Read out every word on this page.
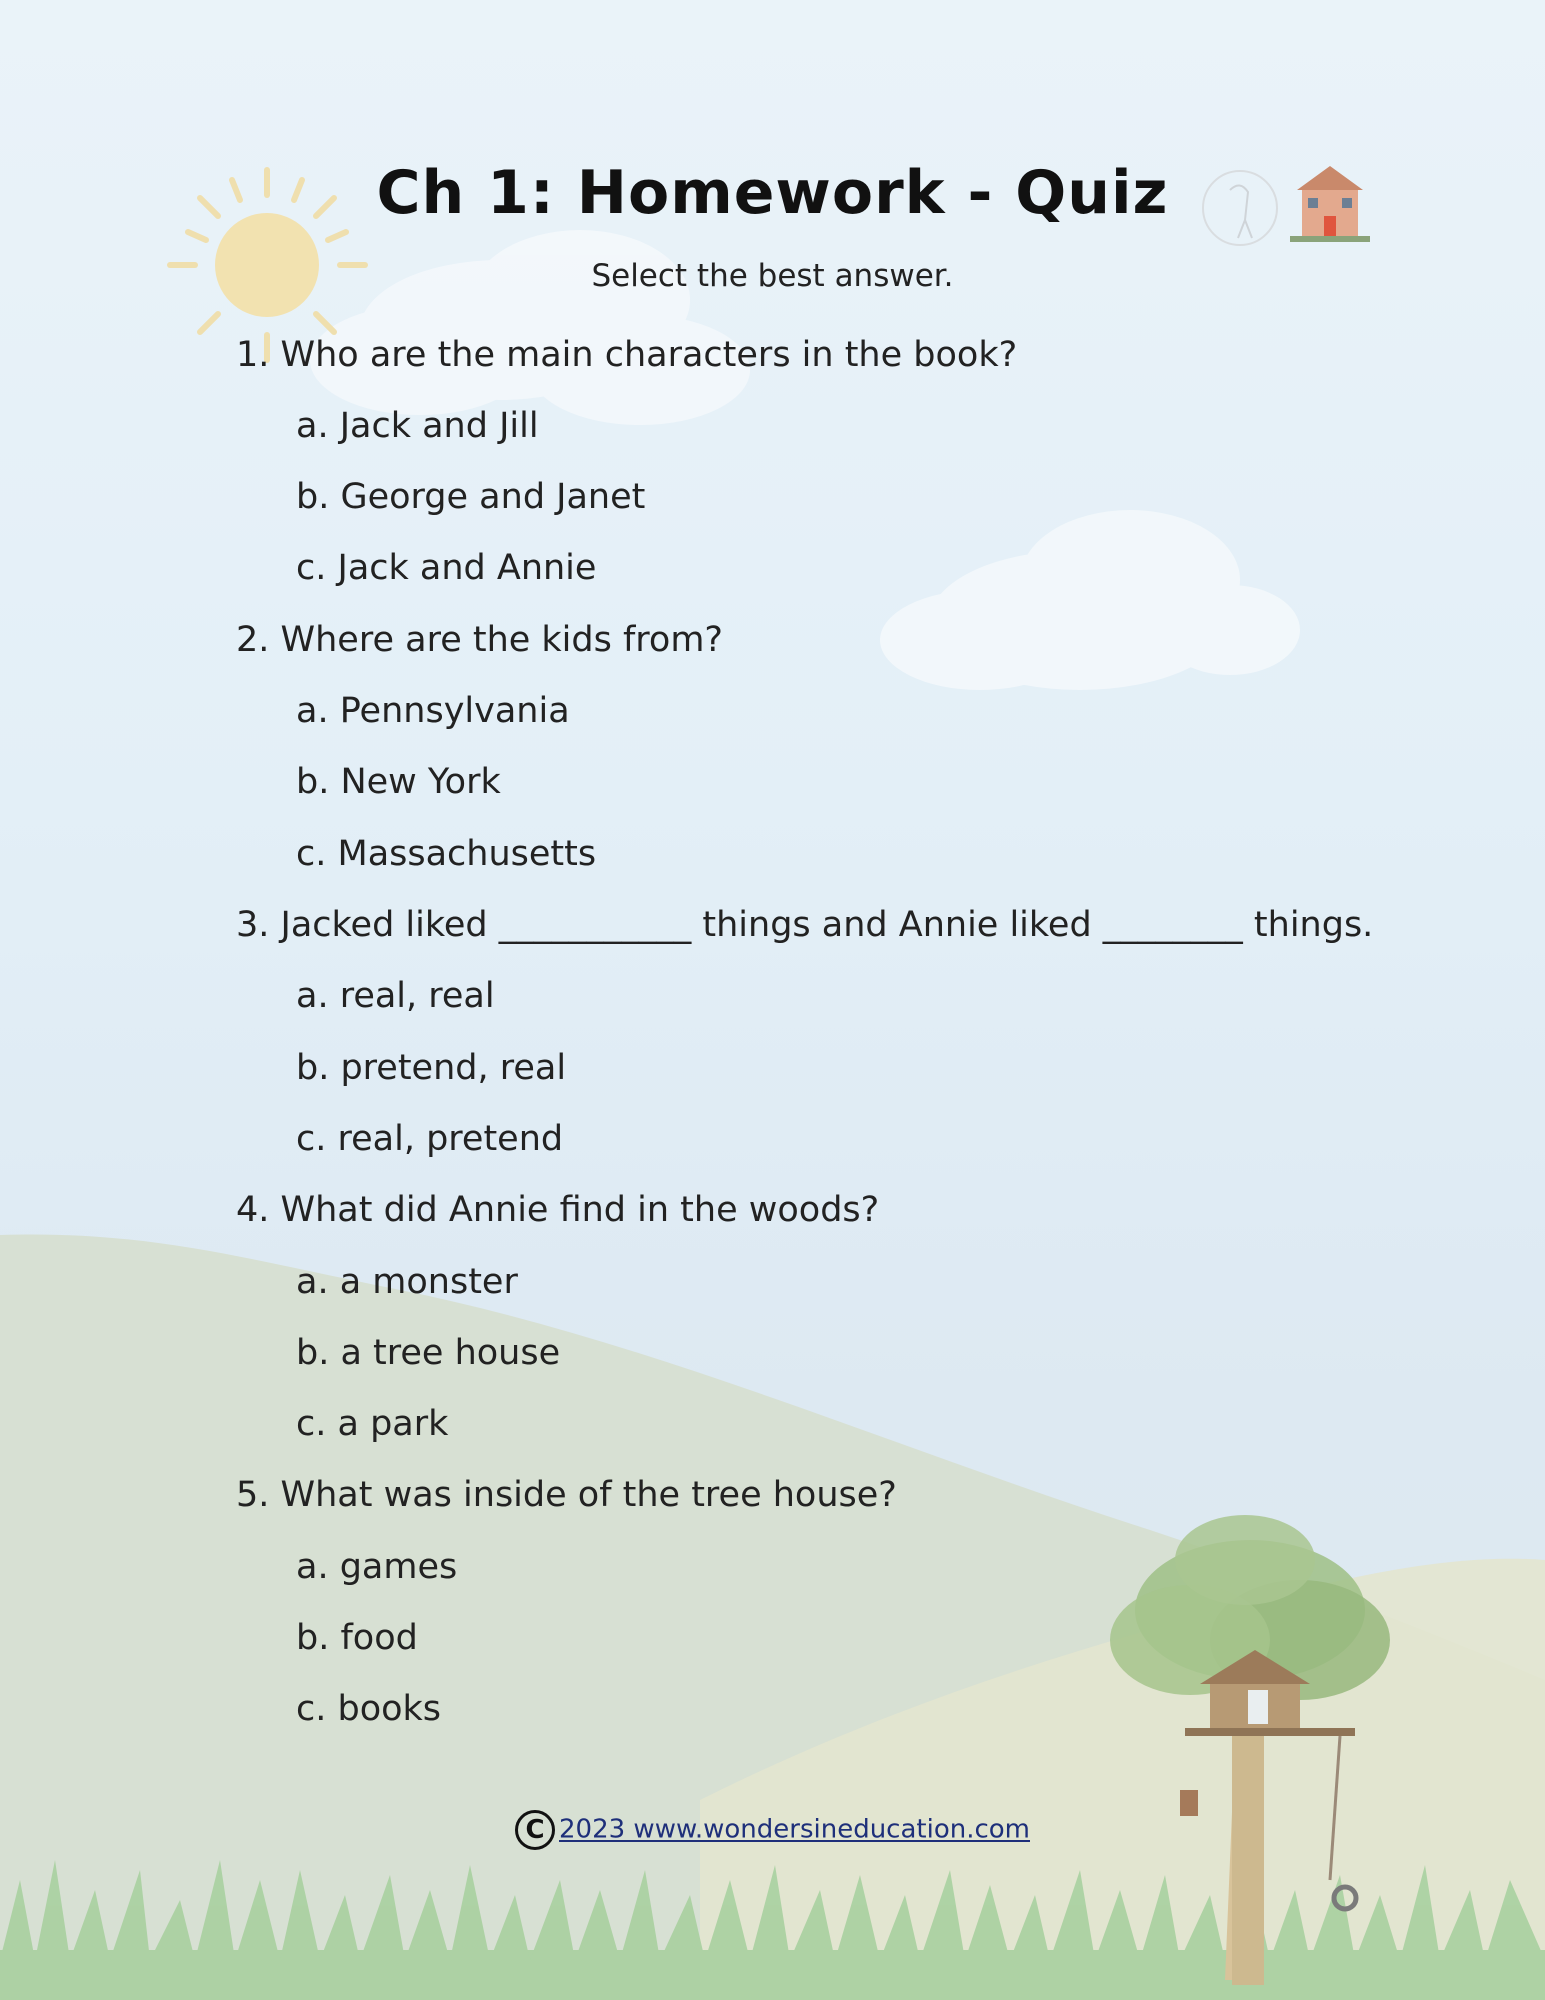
Ch 1: Homework - Quiz
Select the best answer.
1. Who are the main characters in the book?
a. Jack and Jill
b. George and Janet
c. Jack and Annie
2. Where are the kids from?
a. Pennsylvania
b. New York
c. Massachusetts
3. Jacked liked ___________ things and Annie liked ________ things.
a. real, real
b. pretend, real
c. real, pretend
4. What did Annie find in the woods?
a. a monster
b. a tree house
c. a park
5. What was inside of the tree house?
a. games
b. food
c. books
C 2023 www.wondersineducation.com
